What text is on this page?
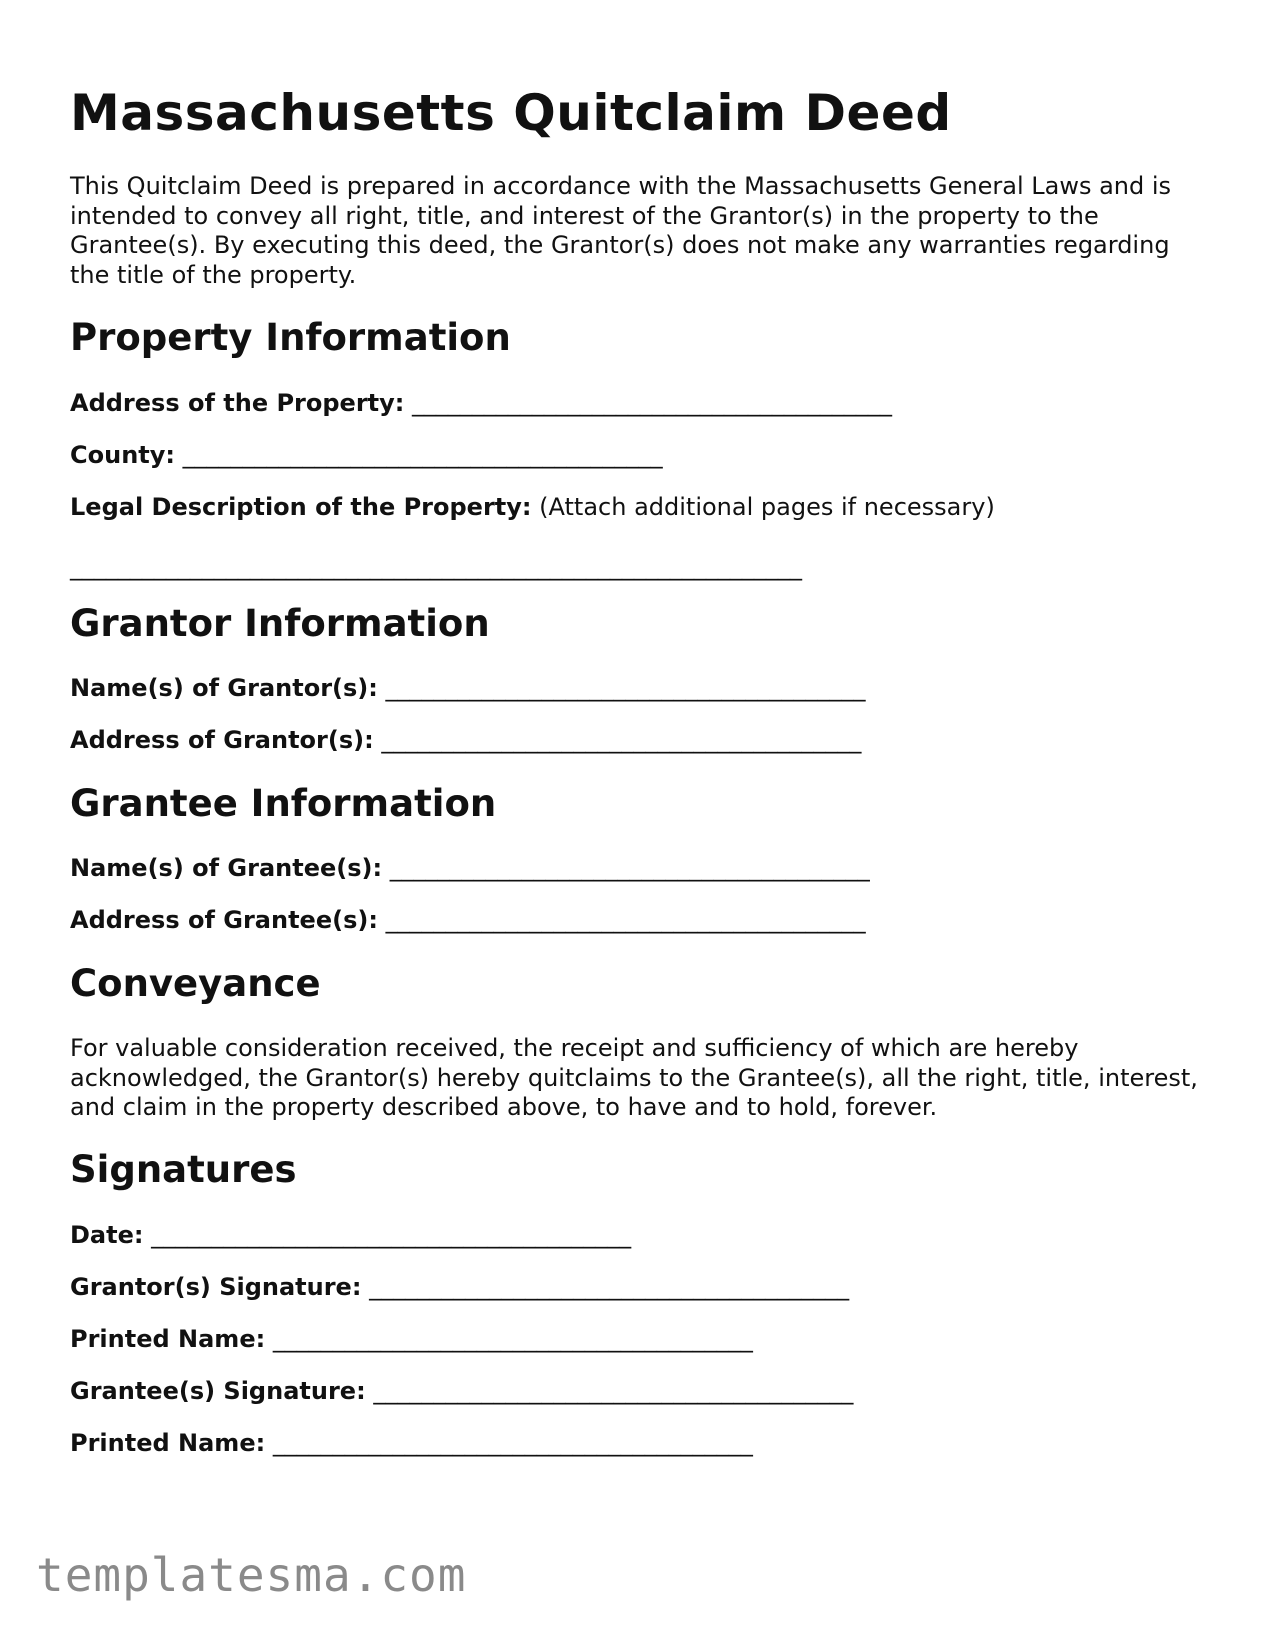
Massachusetts Quitclaim Deed

This Quitclaim Deed is prepared in accordance with the Massachusetts General Laws and is intended to convey all right, title, and interest of the Grantor(s) in the property to the Grantee(s). By executing this deed, the Grantor(s) does not make any warranties regarding the title of the property.

Property Information
Address of the Property: ________________________________________
County: ________________________________________
Legal Description of the Property: (Attach additional pages if necessary)
_____________________________________________________________
Grantor Information
Name(s) of Grantor(s): ________________________________________
Address of Grantor(s): ________________________________________
Grantee Information
Name(s) of Grantee(s): ________________________________________
Address of Grantee(s): ________________________________________
Conveyance

For valuable consideration received, the receipt and sufficiency of which are hereby acknowledged, the Grantor(s) hereby quitclaims to the Grantee(s), all the right, title, interest, and claim in the property described above, to have and to hold, forever.

Signatures
Date: ________________________________________
Grantor(s) Signature: ________________________________________
Printed Name: ________________________________________
Grantee(s) Signature: ________________________________________
Printed Name: ________________________________________
templatesma.com
